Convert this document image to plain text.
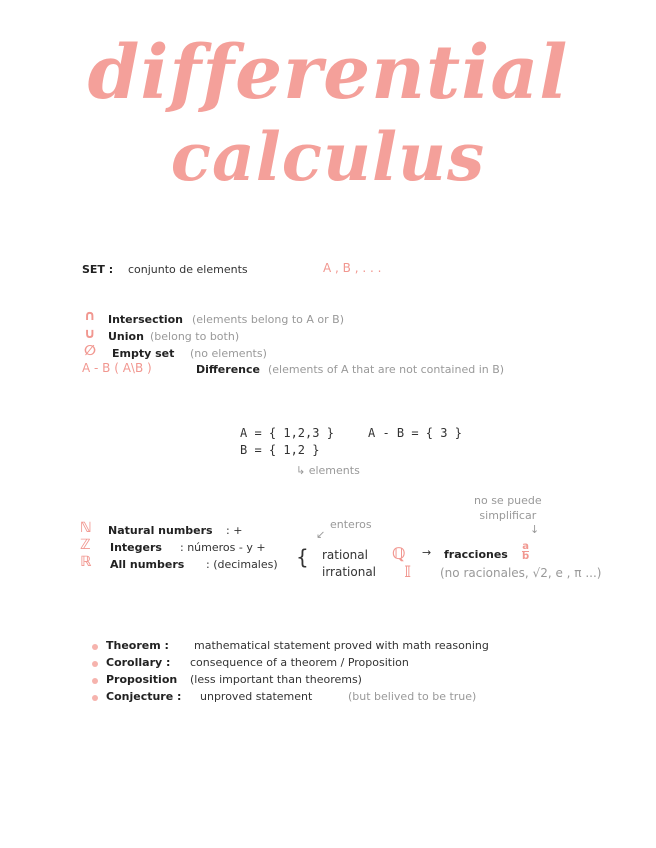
differential
calculus
SET : conjunto de elements	A , B , . . .
∩ Intersection (elements belong to A or B)
∪ Union (belong to both)
∅ Empty set (no elements)
A - B ( A\B )	Difference (elements of A that are not contained in B)
A = { 1,2,3 }
B = { 1,2 }
A - B = { 3 }
↳ elements
no se puede
simplificar
↓
enteros
↙
ℕ Natural numbers : +
ℤ Integers : números - y +
ℝ All numbers : (decimales) { rational
irrational
ℚ
𝕀
→ fracciones $\frac{a}{b}$
(no racionales, √2, e , π ...)
Theorem : mathematical statement proved with math reasoning
Corollary : consequence of a theorem / Proposition
Proposition (less important than theorems)
Conjecture : unproved statement	(but belived to be true)
